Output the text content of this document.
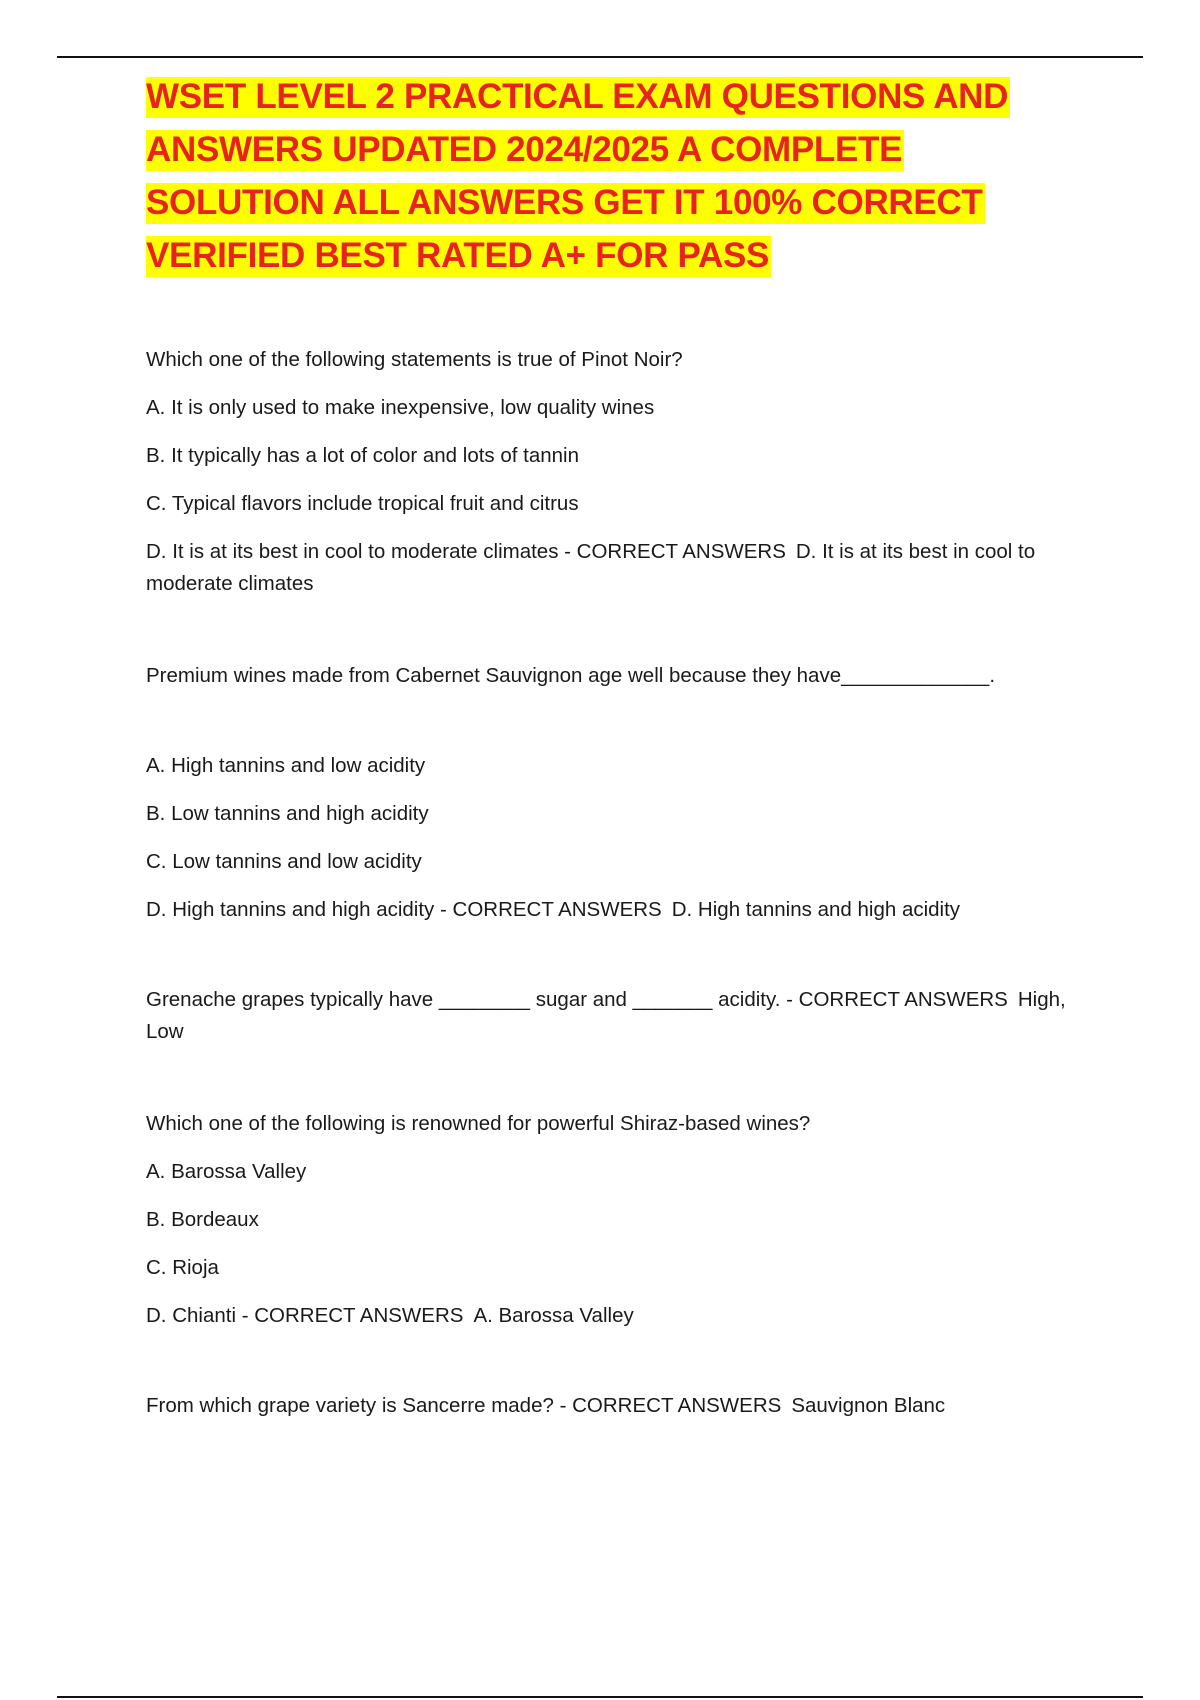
WSET LEVEL 2 PRACTICAL EXAM QUESTIONS AND ANSWERS UPDATED 2024/2025 A COMPLETE SOLUTION ALL ANSWERS GET IT 100% CORRECT VERIFIED BEST RATED A+ FOR PASS

Which one of the following statements is true of Pinot Noir?

A. It is only used to make inexpensive, low quality wines

B. It typically has a lot of color and lots of tannin

C. Typical flavors include tropical fruit and citrus

D. It is at its best in cool to moderate climates - CORRECT ANSWERS D. It is at its best in cool to moderate climates

Premium wines made from Cabernet Sauvignon age well because they have_____________.

A. High tannins and low acidity

B. Low tannins and high acidity

C. Low tannins and low acidity

D. High tannins and high acidity - CORRECT ANSWERS D. High tannins and high acidity

Grenache grapes typically have ________ sugar and _______ acidity. - CORRECT ANSWERS High, Low

Which one of the following is renowned for powerful Shiraz-based wines?

A. Barossa Valley

B. Bordeaux

C. Rioja

D. Chianti - CORRECT ANSWERS A. Barossa Valley

From which grape variety is Sancerre made? - CORRECT ANSWERS Sauvignon Blanc
